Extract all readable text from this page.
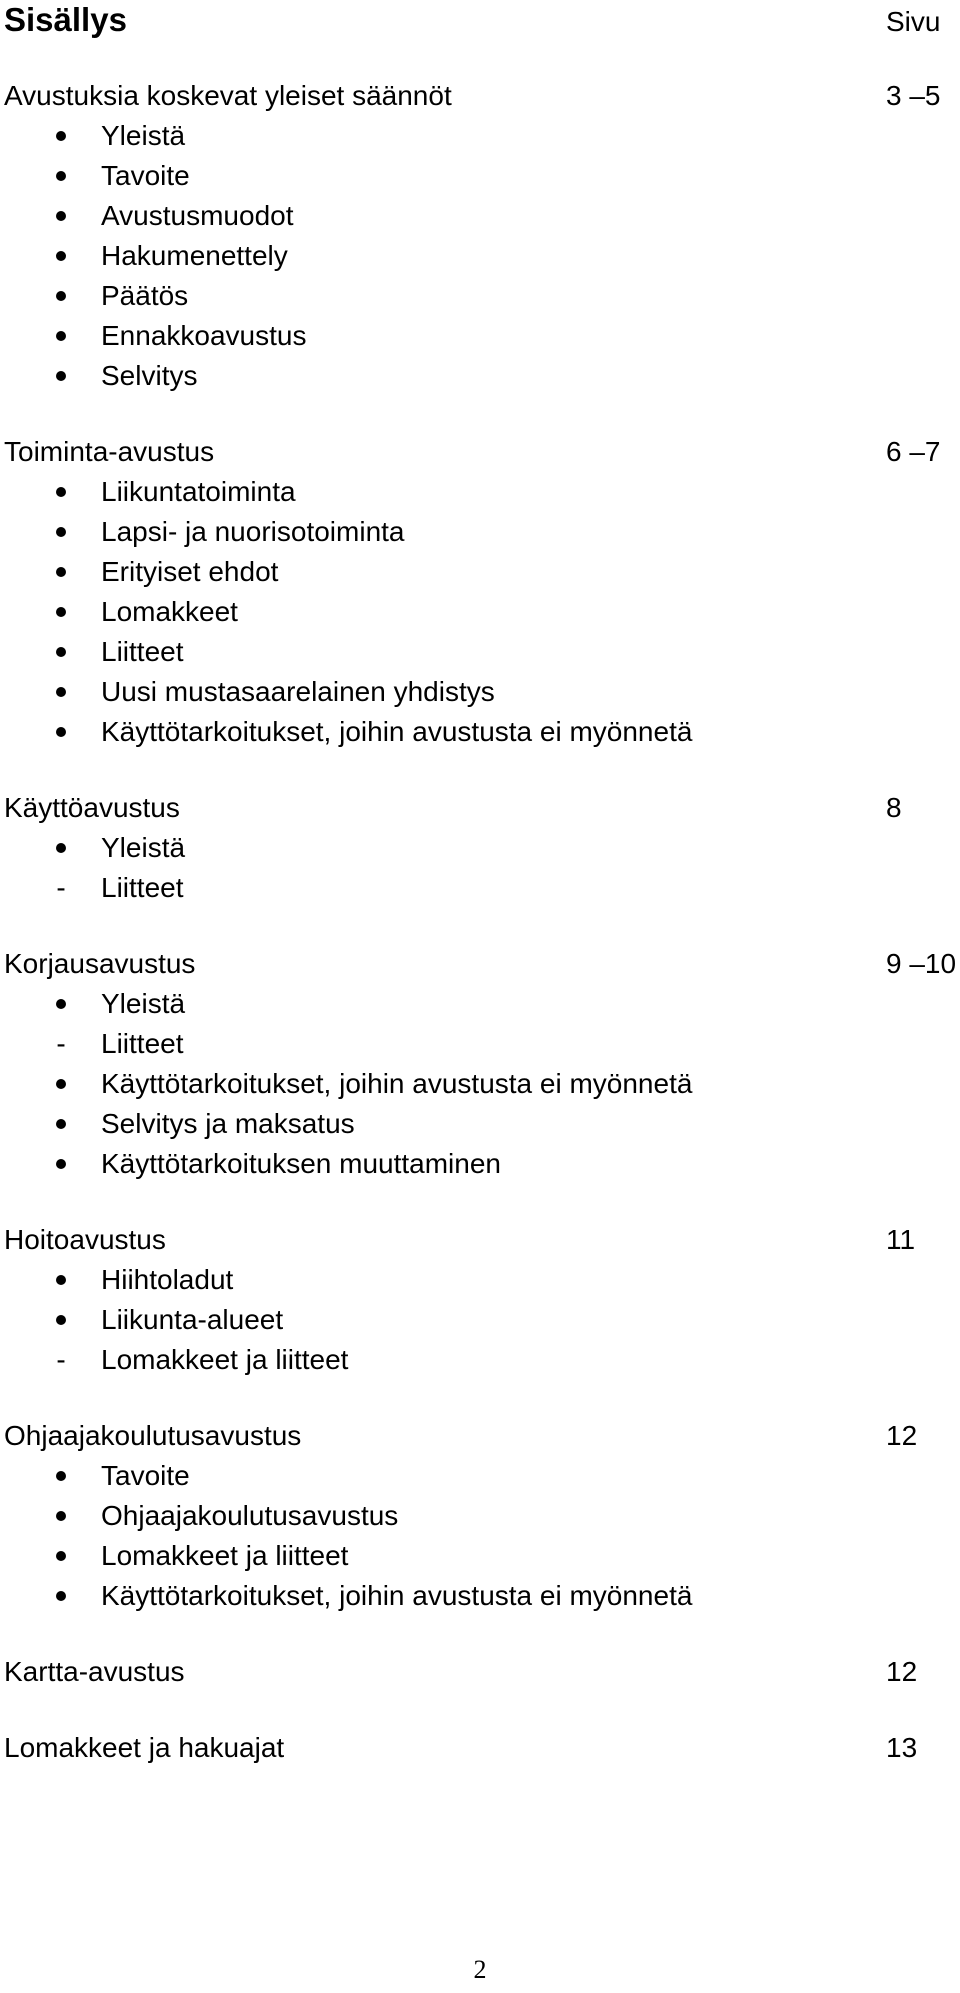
Sisällys	Sivu
Avustuksia koskevat yleiset säännöt	3 –5
Yleistä
Tavoite
Avustusmuodot
Hakumenettely
Päätös
Ennakkoavustus
Selvitys
Toiminta-avustus	6 –7
Liikuntatoiminta
Lapsi- ja nuorisotoiminta
Erityiset ehdot
Lomakkeet
Liitteet
Uusi mustasaarelainen yhdistys
Käyttötarkoitukset, joihin avustusta ei myönnetä
Käyttöavustus	8
Yleistä
-
Liitteet
Korjausavustus	9 –10
Yleistä
-
Liitteet
Käyttötarkoitukset, joihin avustusta ei myönnetä
Selvitys ja maksatus
Käyttötarkoituksen muuttaminen
Hoitoavustus	11
Hiihtoladut
Liikunta-alueet
-
Lomakkeet ja liitteet
Ohjaajakoulutusavustus	12
Tavoite
Ohjaajakoulutusavustus
Lomakkeet ja liitteet
Käyttötarkoitukset, joihin avustusta ei myönnetä
Kartta-avustus	12
Lomakkeet ja hakuajat	13
2
